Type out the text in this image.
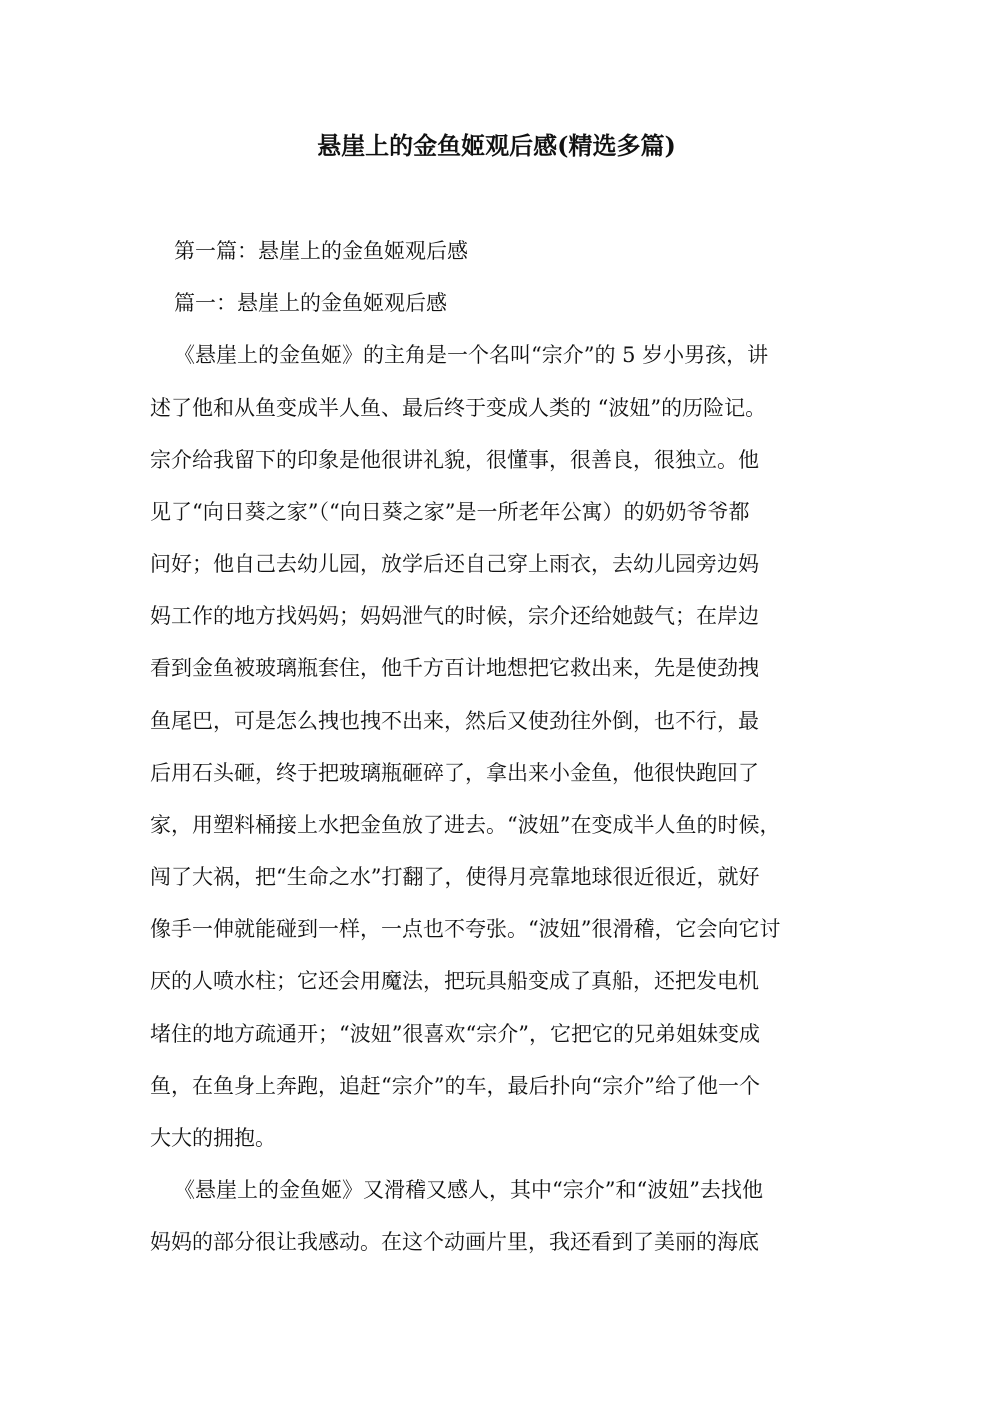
悬崖上的金鱼姬观后感(精选多篇)
第一篇：悬崖上的金鱼姬观后感
篇一：悬崖上的金鱼姬观后感
《悬崖上的金鱼姬》的主角是一个名叫“宗介”的 5 岁小男孩，讲
述了他和从鱼变成半人鱼、最后终于变成人类的 “波妞”的历险记。
宗介给我留下的印象是他很讲礼貌，很懂事，很善良，很独立。他
见了“向日葵之家”（“向日葵之家”是一所老年公寓）的奶奶爷爷都
问好；他自己去幼儿园，放学后还自己穿上雨衣，去幼儿园旁边妈
妈工作的地方找妈妈；妈妈泄气的时候，宗介还给她鼓气；在岸边
看到金鱼被玻璃瓶套住，他千方百计地想把它救出来，先是使劲拽
鱼尾巴，可是怎么拽也拽不出来，然后又使劲往外倒，也不行，最
后用石头砸，终于把玻璃瓶砸碎了，拿出来小金鱼，他很快跑回了
家，用塑料桶接上水把金鱼放了进去。“波妞”在变成半人鱼的时候，
闯了大祸，把“生命之水”打翻了，使得月亮靠地球很近很近，就好
像手一伸就能碰到一样，一点也不夸张。“波妞”很滑稽，它会向它讨
厌的人喷水柱；它还会用魔法，把玩具船变成了真船，还把发电机
堵住的地方疏通开；“波妞”很喜欢“宗介”，它把它的兄弟姐妹变成
鱼，在鱼身上奔跑，追赶“宗介”的车，最后扑向“宗介”给了他一个
大大的拥抱。
《悬崖上的金鱼姬》又滑稽又感人，其中“宗介”和“波妞”去找他
妈妈的部分很让我感动。在这个动画片里，我还看到了美丽的海底
